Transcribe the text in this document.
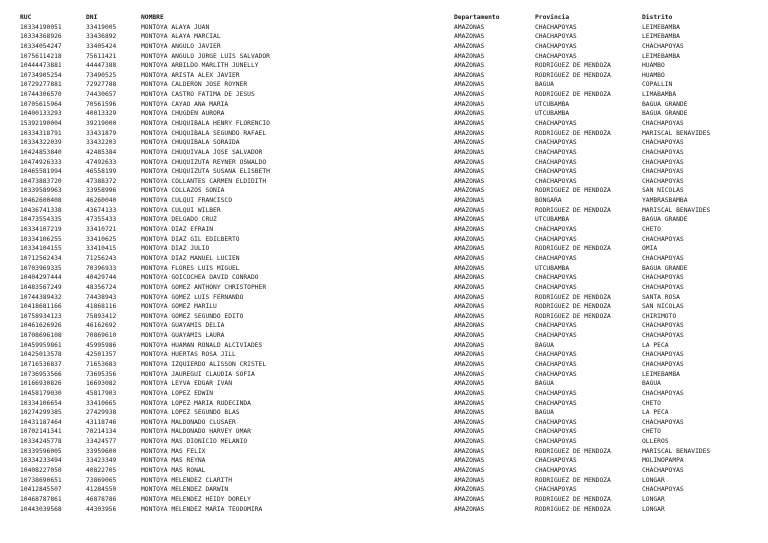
RUC	DNI	NOMBRE	Departamento	Provincia	Distrito
10334190051	33419005	MONTOYA ALAYA JUAN	AMAZONAS	CHACHAPOYAS	LEIMEBAMBA
10334368926	33436892	MONTOYA ALAYA MARCIAL	AMAZONAS	CHACHAPOYAS	LEIMEBAMBA
10334054247	33405424	MONTOYA ANGULO JAVIER	AMAZONAS	CHACHAPOYAS	CHACHAPOYAS
10756114218	75611421	MONTOYA ANGULO JORGE LUIS SALVADOR	AMAZONAS	CHACHAPOYAS	LEIMEBAMBA
10444473881	44447388	MONTOYA ARBILDO MARLITH JUNELLY	AMAZONAS	RODRIGUEZ DE MENDOZA	HUAMBO
10734905254	73490525	MONTOYA ARISTA ALEX JAVIER	AMAZONAS	RODRIGUEZ DE MENDOZA	HUAMBO
10729277881	72927788	MONTOYA CALDERON JOSE ROYNER	AMAZONAS	BAGUA	COPALLIN
10744306570	74430657	MONTOYA CASTRO FATIMA DE JESUS	AMAZONAS	RODRIGUEZ DE MENDOZA	LIMABAMBA
10705615964	70561596	MONTOYA CAYAO ANA MARIA	AMAZONAS	UTCUBAMBA	BAGUA GRANDE
10400133293	40013329	MONTOYA CHUGDEN AURORA	AMAZONAS	UTCUBAMBA	BAGUA GRANDE
15392190004	39219000	MONTOYA CHUQUIBALA HENRY FLORENCIO	AMAZONAS	CHACHAPOYAS	CHACHAPOYAS
10334318791	33431879	MONTOYA CHUQUIBALA SEGUNDO RAFAEL	AMAZONAS	RODRIGUEZ DE MENDOZA	MARISCAL BENAVIDES
10334322039	33432203	MONTOYA CHUQUIBALA SORAIDA	AMAZONAS	CHACHAPOYAS	CHACHAPOYAS
10424853840	42485384	MONTOYA CHUQUIVALA JOSE SALVADOR	AMAZONAS	CHACHAPOYAS	CHACHAPOYAS
10474926333	47492633	MONTOYA CHUQUIZUTA REYNER OSWALDO	AMAZONAS	CHACHAPOYAS	CHACHAPOYAS
10465581994	46558199	MONTOYA CHUQUIZUTA SUSANA ELISBETH	AMAZONAS	CHACHAPOYAS	CHACHAPOYAS
10473883720	47388372	MONTOYA COLLANTES CARMEN ELDIDITH	AMAZONAS	CHACHAPOYAS	CHACHAPOYAS
10339589963	33958996	MONTOYA COLLAZOS SONIA	AMAZONAS	RODRIGUEZ DE MENDOZA	SAN NICOLAS
10462600408	46260040	MONTOYA CULQUI FRANCISCO	AMAZONAS	BONGARA	YAMBRASBAMBA
10436741338	43674133	MONTOYA CULQUI WILBER	AMAZONAS	RODRIGUEZ DE MENDOZA	MARISCAL BENAVIDES
10473554335	47355433	MONTOYA DELGADO CRUZ	AMAZONAS	UTCUBAMBA	BAGUA GRANDE
10334107219	33410721	MONTOYA DIAZ EFRAIN	AMAZONAS	CHACHAPOYAS	CHETO
10334106255	33410625	MONTOYA DIAZ GIL EDILBERTO	AMAZONAS	CHACHAPOYAS	CHACHAPOYAS
10334104155	33410415	MONTOYA DIAZ JULIO	AMAZONAS	RODRIGUEZ DE MENDOZA	OMIA
10712562434	71256243	MONTOYA DIAZ MANUEL LUCIEN	AMAZONAS	CHACHAPOYAS	CHACHAPOYAS
10703969335	70396933	MONTOYA FLORES LUIS MIGUEL	AMAZONAS	UTCUBAMBA	BAGUA GRANDE
10404297444	40429744	MONTOYA GOICOCHEA DAVID CONRADO	AMAZONAS	CHACHAPOYAS	CHACHAPOYAS
10483567249	48356724	MONTOYA GOMEZ ANTHONY CHRISTOPHER	AMAZONAS	CHACHAPOYAS	CHACHAPOYAS
10744389432	74438943	MONTOYA GOMEZ LUIS FERNANDO	AMAZONAS	RODRIGUEZ DE MENDOZA	SANTA ROSA
10418681166	41868116	MONTOYA GOMEZ MARILU	AMAZONAS	RODRIGUEZ DE MENDOZA	SAN NICOLAS
10758934123	75893412	MONTOYA GOMEZ SEGUNDO EDITO	AMAZONAS	RODRIGUEZ DE MENDOZA	CHIRIMOTO
10461626926	46162692	MONTOYA GUAYAMIS DELIA	AMAZONAS	CHACHAPOYAS	CHACHAPOYAS
10708696108	70869610	MONTOYA GUAYAMIS LAURA	AMAZONAS	CHACHAPOYAS	CHACHAPOYAS
10459959861	45995986	MONTOYA HUAMAN RONALD ALCIVIADES	AMAZONAS	BAGUA	LA PECA
10425013578	42501357	MONTOYA HUERTAS ROSA JILL	AMAZONAS	CHACHAPOYAS	CHACHAPOYAS
10716536837	71653683	MONTOYA IZQUIERDO ALISSON CRISTEL	AMAZONAS	CHACHAPOYAS	CHACHAPOYAS
10736953566	73695356	MONTOYA JAUREGUI CLAUDIA SOFIA	AMAZONAS	CHACHAPOYAS	LEIMEBAMBA
10166930826	16693082	MONTOYA LEYVA EDGAR IVAN	AMAZONAS	BAGUA	BAGUA
10458179030	45817903	MONTOYA LOPEZ EDWIN	AMAZONAS	CHACHAPOYAS	CHACHAPOYAS
10334106654	33410665	MONTOYA LOPEZ MARIA RUDECINDA	AMAZONAS	CHACHAPOYAS	CHETO
10274299385	27429938	MONTOYA LOPEZ SEGUNDO BLAS	AMAZONAS	BAGUA	LA PECA
10431187464	43118746	MONTOYA MALDONADO CLUSAER	AMAZONAS	CHACHAPOYAS	CHACHAPOYAS
10702141341	70214134	MONTOYA MALDONADO HARVEY OMAR	AMAZONAS	CHACHAPOYAS	CHETO
10334245778	33424577	MONTOYA MAS DIONICIO MELANIO	AMAZONAS	CHACHAPOYAS	OLLEROS
10339596005	33959600	MONTOYA MAS FELIX	AMAZONAS	RODRIGUEZ DE MENDOZA	MARISCAL BENAVIDES
10334233494	33423349	MONTOYA MAS REYNA	AMAZONAS	CHACHAPOYAS	MOLINOPAMPA
10408227050	40822705	MONTOYA MAS RONAL	AMAZONAS	CHACHAPOYAS	CHACHAPOYAS
10738690651	73869065	MONTOYA MELENDEZ CLARITH	AMAZONAS	RODRIGUEZ DE MENDOZA	LONGAR
10412845507	41284550	MONTOYA MELENDEZ DARWIN	AMAZONAS	CHACHAPOYAS	CHACHAPOYAS
10468787861	46878786	MONTOYA MELENDEZ HEIDY DORELY	AMAZONAS	RODRIGUEZ DE MENDOZA	LONGAR
10443039568	44303956	MONTOYA MELENDEZ MARIA TEODOMIRA	AMAZONAS	RODRIGUEZ DE MENDOZA	LONGAR
